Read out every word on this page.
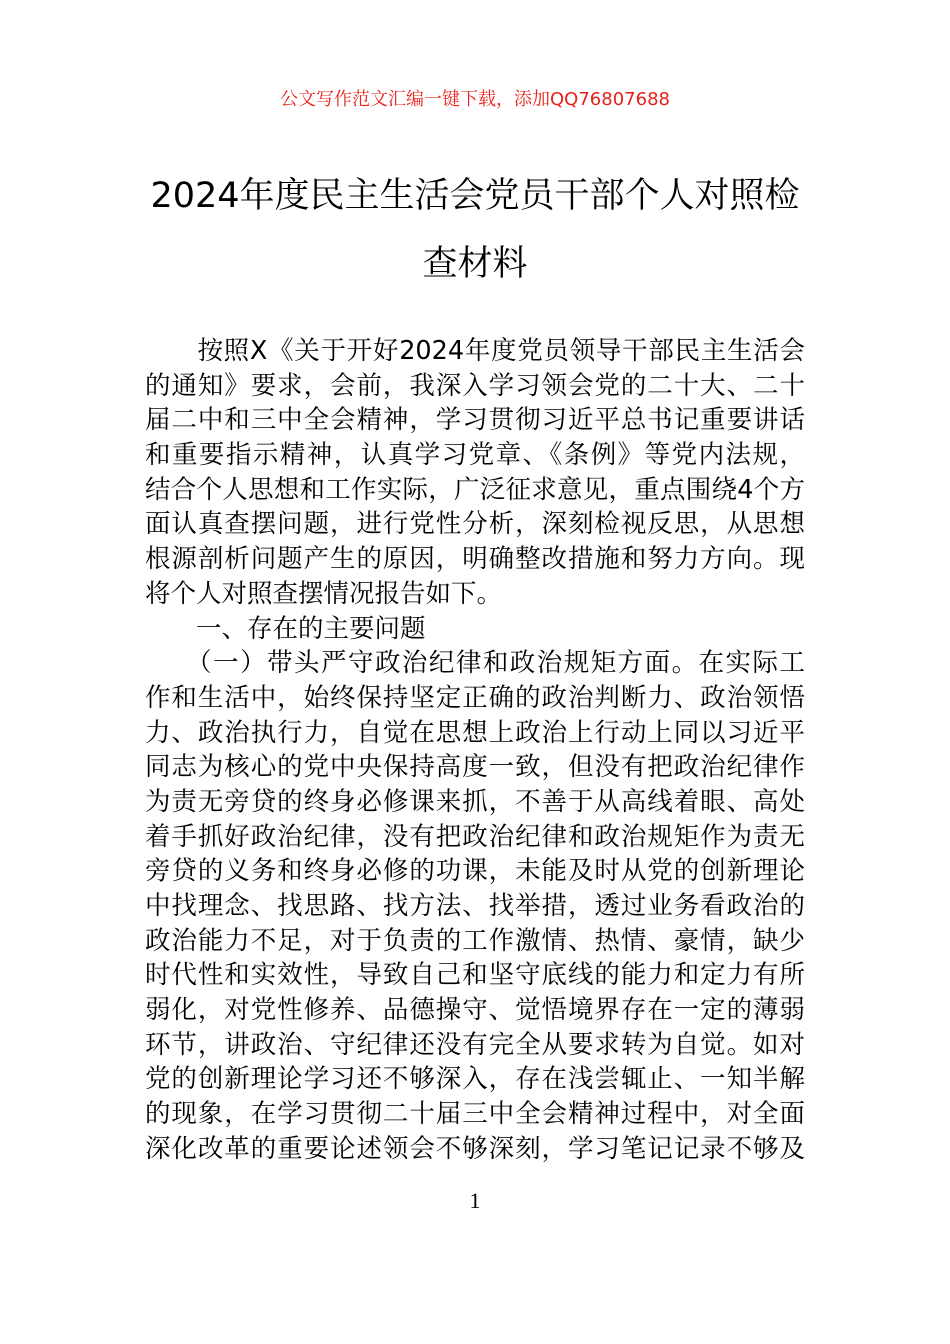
公文写作范文汇编一键下载，添加QQ76807688
2024年度民主生活会党员干部个人对照检
查材料
　　按照X《关于开好2024年度党员领导干部民主生活会
的通知》要求，会前，我深入学习领会党的二十大、二十
届二中和三中全会精神，学习贯彻习近平总书记重要讲话
和重要指示精神，认真学习党章、《条例》等党内法规，
结合个人思想和工作实际，广泛征求意见，重点围绕4个方
面认真查摆问题，进行党性分析，深刻检视反思，从思想
根源剖析问题产生的原因，明确整改措施和努力方向。现
将个人对照查摆情况报告如下。
　　一、存在的主要问题
　　（一）带头严守政治纪律和政治规矩方面。在实际工
作和生活中，始终保持坚定正确的政治判断力、政治领悟
力、政治执行力，自觉在思想上政治上行动上同以习近平
同志为核心的党中央保持高度一致，但没有把政治纪律作
为责无旁贷的终身必修课来抓，不善于从高线着眼、高处
着手抓好政治纪律，没有把政治纪律和政治规矩作为责无
旁贷的义务和终身必修的功课，未能及时从党的创新理论
中找理念、找思路、找方法、找举措，透过业务看政治的
政治能力不足，对于负责的工作激情、热情、豪情，缺少
时代性和实效性，导致自己和坚守底线的能力和定力有所
弱化，对党性修养、品德操守、觉悟境界存在一定的薄弱
环节，讲政治、守纪律还没有完全从要求转为自觉。如对
党的创新理论学习还不够深入，存在浅尝辄止、一知半解
的现象，在学习贯彻二十届三中全会精神过程中，对全面
深化改革的重要论述领会不够深刻，学习笔记记录不够及
1
